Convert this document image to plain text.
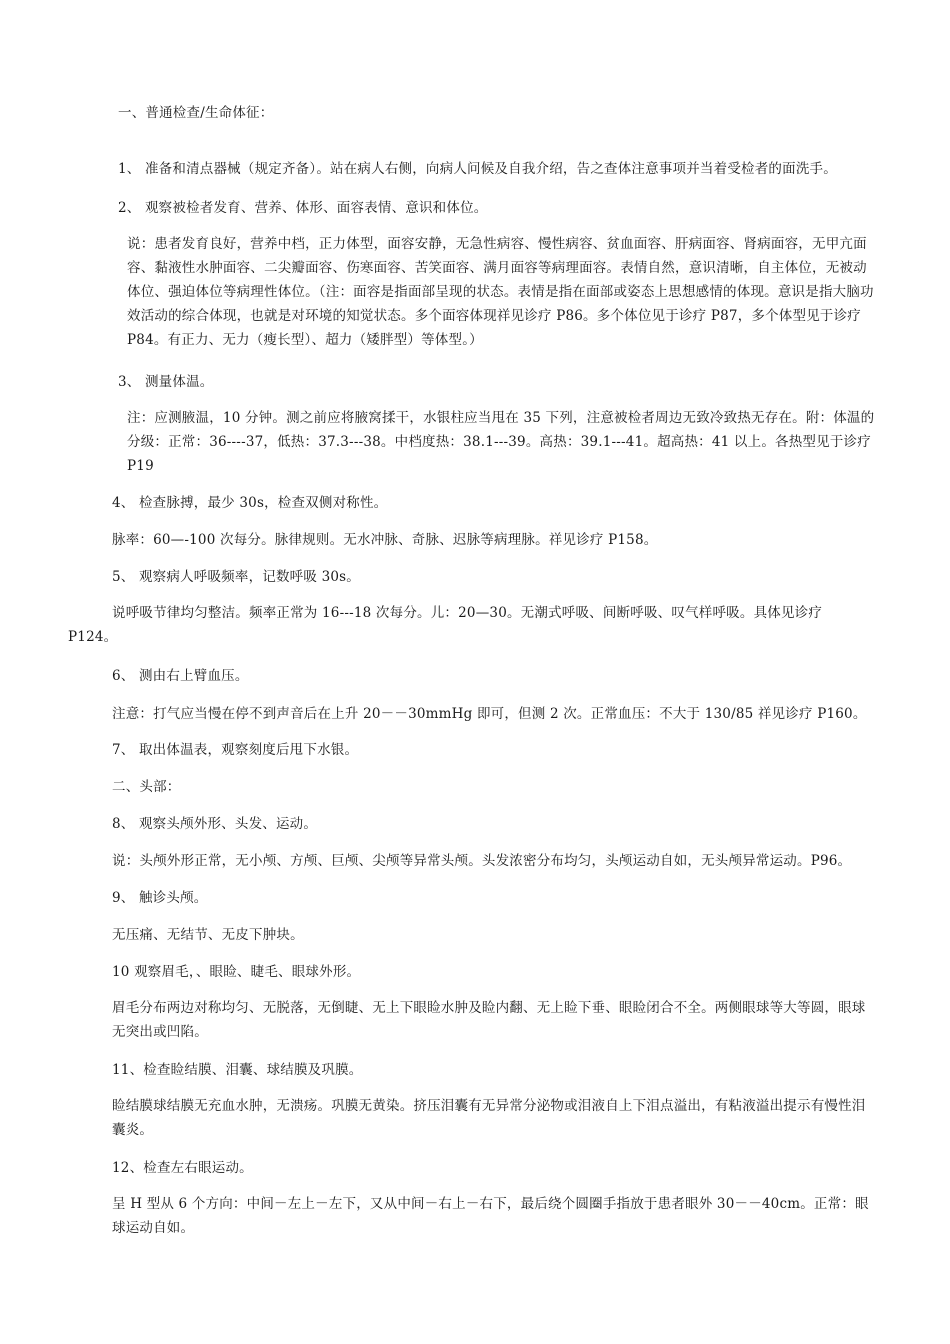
一、普通检查/生命体征：
1、 准备和清点器械（规定齐备）。站在病人右侧，向病人问候及自我介绍，告之查体注意事项并当着受检者的面洗手。
2、 观察被检者发育、营养、体形、面容表情、意识和体位。
说：患者发育良好，营养中档，正力体型，面容安静，无急性病容、慢性病容、贫血面容、肝病面容、肾病面容，无甲亢面容、黏液性水肿面容、二尖瓣面容、伤寒面容、苦笑面容、满月面容等病理面容。表情自然，意识清晰，自主体位，无被动体位、强迫体位等病理性体位。（注：面容是指面部呈现的状态。表情是指在面部或姿态上思想感情的体现。意识是指大脑功效活动的综合体现，也就是对环境的知觉状态。多个面容体现祥见诊疗 P86。多个体位见于诊疗 P87，多个体型见于诊疗 P84。有正力、无力（瘦长型）、超力（矮胖型）等体型。）
3、 测量体温。
注：应测腋温，10 分钟。测之前应将腋窝揉干，水银柱应当甩在 35 下列，注意被检者周边无致冷致热无存在。附：体温的分级：正常：36----37，低热：37.3---38。中档度热：38.1---39。高热：39.1---41。超高热：41 以上。各热型见于诊疗 P19
4、 检查脉搏，最少 30s，检查双侧对称性。
脉率：60—-100 次每分。脉律规则。无水冲脉、奇脉、迟脉等病理脉。祥见诊疗 P158。
5、 观察病人呼吸频率，记数呼吸 30s。
说呼吸节律均匀整洁。频率正常为 16---18 次每分。儿：20—30。无潮式呼吸、间断呼吸、叹气样呼吸。具体见诊疗 P124。
6、 测由右上臂血压。
注意：打气应当慢在停不到声音后在上升 20－－30mmHg 即可，但测 2 次。正常血压：不大于 130/85 祥见诊疗 P160。
7、 取出体温表，观察刻度后甩下水银。
二、头部：
8、 观察头颅外形、头发、运动。
说：头颅外形正常，无小颅、方颅、巨颅、尖颅等异常头颅。头发浓密分布均匀，头颅运动自如，无头颅异常运动。P96。
9、 触诊头颅。
无压痛、无结节、无皮下肿块。
10 观察眉毛，、眼睑、睫毛、眼球外形。
眉毛分布两边对称均匀、无脱落，无倒睫、无上下眼睑水肿及睑内翻、无上睑下垂、眼睑闭合不全。两侧眼球等大等圆，眼球无突出或凹陷。
11、检查睑结膜、泪囊、球结膜及巩膜。
睑结膜球结膜无充血水肿，无溃疡。巩膜无黄染。挤压泪囊有无异常分泌物或泪液自上下泪点溢出，有粘液溢出提示有慢性泪囊炎。
12、检查左右眼运动。
呈 H 型从 6 个方向：中间－左上－左下，又从中间－右上－右下，最后绕个圆圈手指放于患者眼外 30－－40cm。正常：眼球运动自如。
